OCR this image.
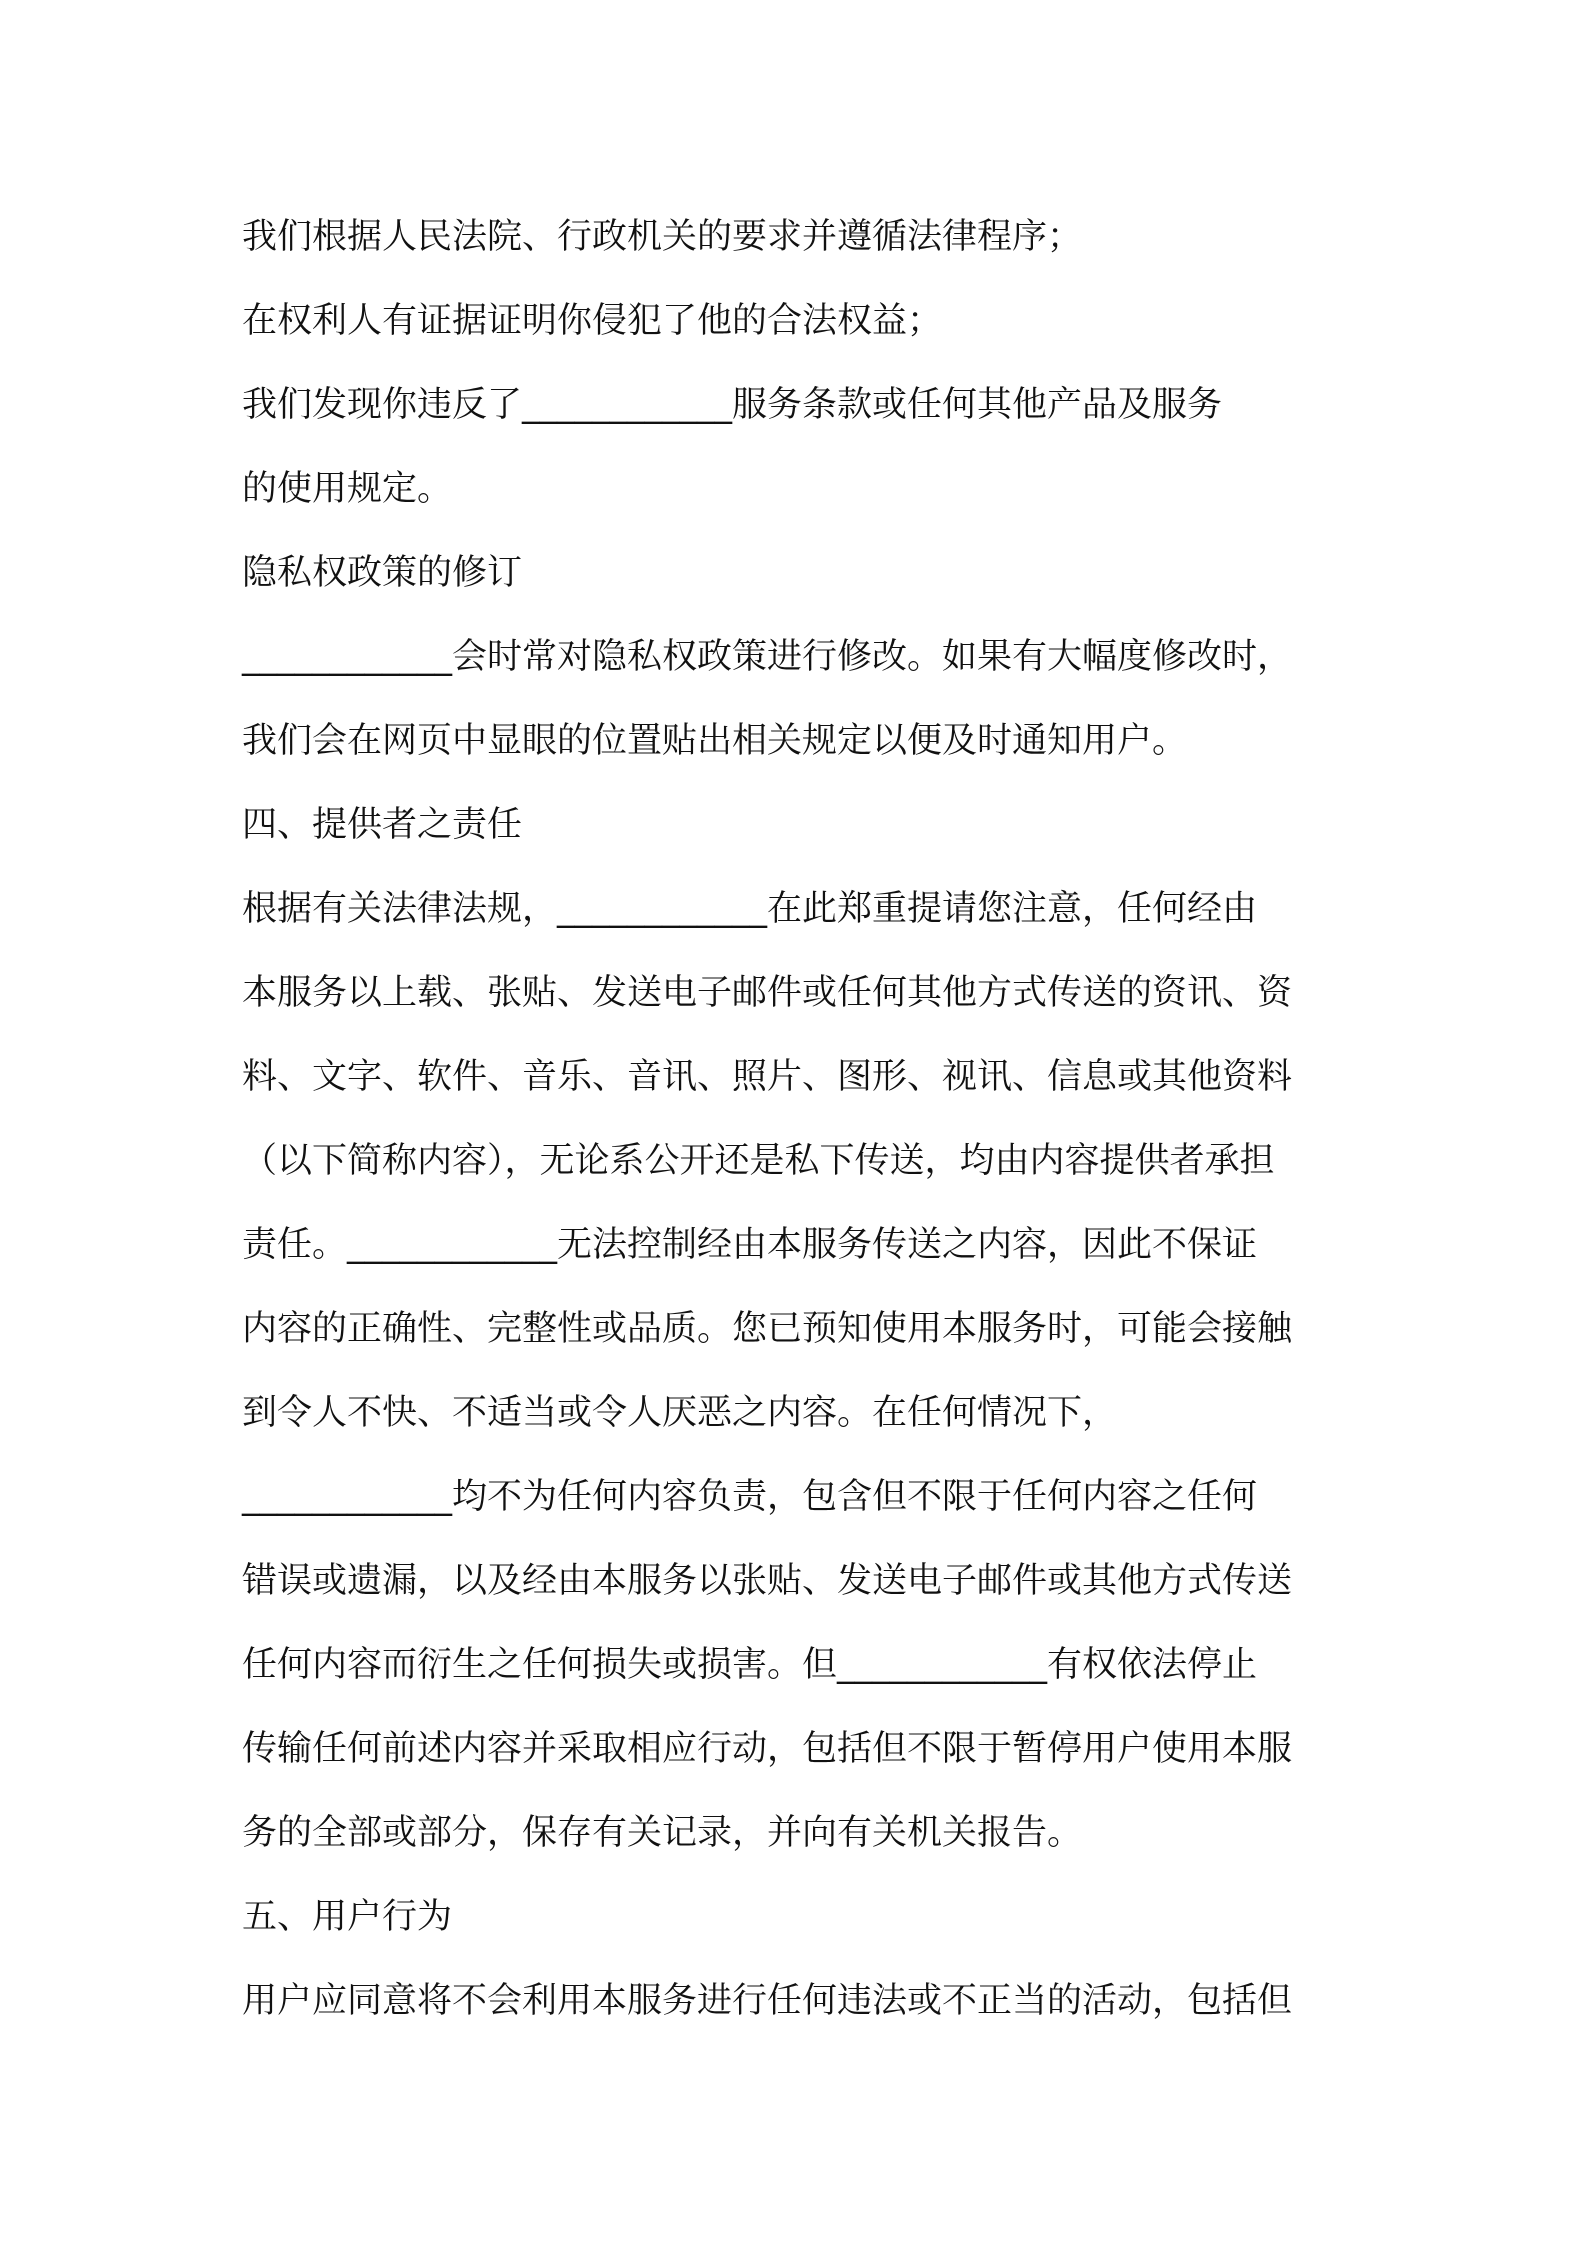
我们根据人民法院、行政机关的要求并遵循法律程序；
在权利人有证据证明你侵犯了他的合法权益；
我们发现你违反了____________服务条款或任何其他产品及服务
的使用规定。
隐私权政策的修订
____________会时常对隐私权政策进行修改。如果有大幅度修改时，
我们会在网页中显眼的位置贴出相关规定以便及时通知用户。
四、提供者之责任
根据有关法律法规，____________在此郑重提请您注意，任何经由
本服务以上载、张贴、发送电子邮件或任何其他方式传送的资讯、资
料、文字、软件、音乐、音讯、照片、图形、视讯、信息或其他资料
（以下简称内容），无论系公开还是私下传送，均由内容提供者承担
责任。____________无法控制经由本服务传送之内容，因此不保证
内容的正确性、完整性或品质。您已预知使用本服务时，可能会接触
到令人不快、不适当或令人厌恶之内容。在任何情况下，
____________均不为任何内容负责，包含但不限于任何内容之任何
错误或遗漏，以及经由本服务以张贴、发送电子邮件或其他方式传送
任何内容而衍生之任何损失或损害。但____________有权依法停止
传输任何前述内容并采取相应行动，包括但不限于暂停用户使用本服
务的全部或部分，保存有关记录，并向有关机关报告。
五、用户行为
用户应同意将不会利用本服务进行任何违法或不正当的活动，包括但
